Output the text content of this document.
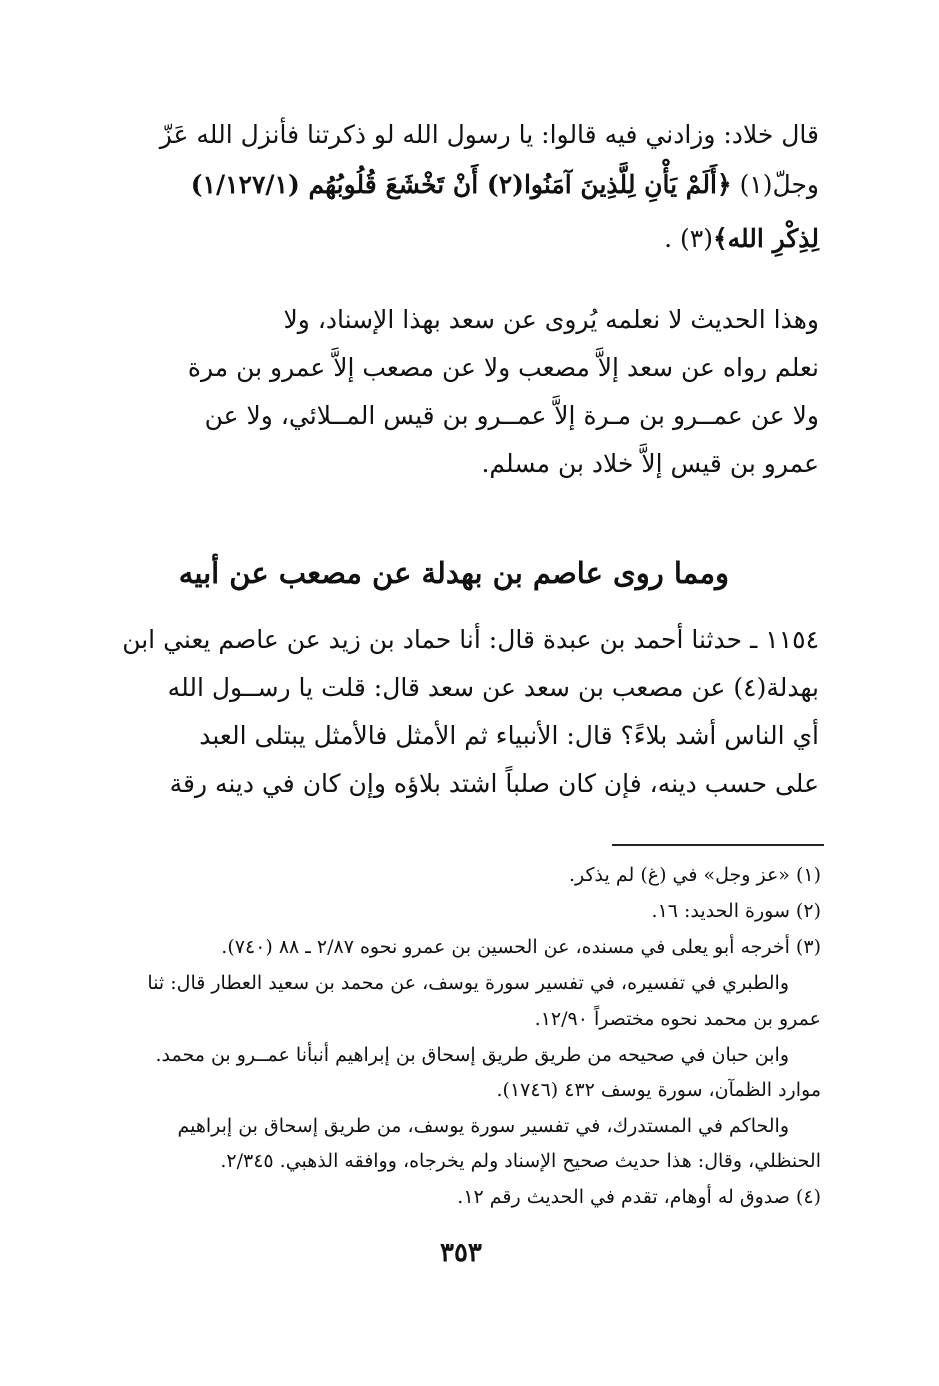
قال خلاد: وزادني فيه قالوا: يا رسول الله لو ذكرتنا فأنزل الله عَزّ
وجلّ(١) ﴿أَلَمْ يَأْنِ لِلَّذِينَ آمَنُوا(٢) أَنْ تَخْشَعَ قُلُوبُهُم (١/١٢٧/١)
لِذِكْرِ الله﴾(٣) .
وهذا الحديث لا نعلمه يُروى عن سعد بهذا الإسناد، ولا
نعلم رواه عن سعد إلاَّ مصعب ولا عن مصعب إلاَّ عمرو بن مرة
ولا عن عمــرو بن مـرة إلاَّ عمــرو بن قيس المــلائي، ولا عن
عمرو بن قيس إلاَّ خلاد بن مسلم.
ومما روى عاصم بن بهدلة عن مصعب عن أبيه
١١٥٤ ـ حدثنا أحمد بن عبدة قال: أنا حماد بن زيد عن عاصم يعني ابن
بهدلة(٤) عن مصعب بن سعد عن سعد قال: قلت يا رســول الله
أي الناس أشد بلاءً؟ قال: الأنبياء ثم الأمثل فالأمثل يبتلى العبد
على حسب دينه، فإن كان صلباً اشتد بلاؤه وإن كان في دينه رقة
(١) «عز وجل» في (غ) لم يذكر.
(٢) سورة الحديد: ١٦.
(٣) أخرجه أبو يعلى في مسنده، عن الحسين بن عمرو نحوه ٢/٨٧ ـ ٨٨ (٧٤٠).
والطبري في تفسيره، في تفسير سورة يوسف، عن محمد بن سعيد العطار قال: ثنا
عمرو بن محمد نحوه مختصراً ١٢/٩٠.
وابن حبان في صحيحه من طريق طريق إسحاق بن إبراهيم أنبأنا عمــرو بن محمد.
موارد الظمآن، سورة يوسف ٤٣٢ (١٧٤٦).
والحاكم في المستدرك، في تفسير سورة يوسف، من طريق إسحاق بن إبراهيم
الحنظلي، وقال: هذا حديث صحيح الإسناد ولم يخرجاه، ووافقه الذهبي. ٢/٣٤٥.
(٤) صدوق له أوهام، تقدم في الحديث رقم ١٢.
٣٥٣
